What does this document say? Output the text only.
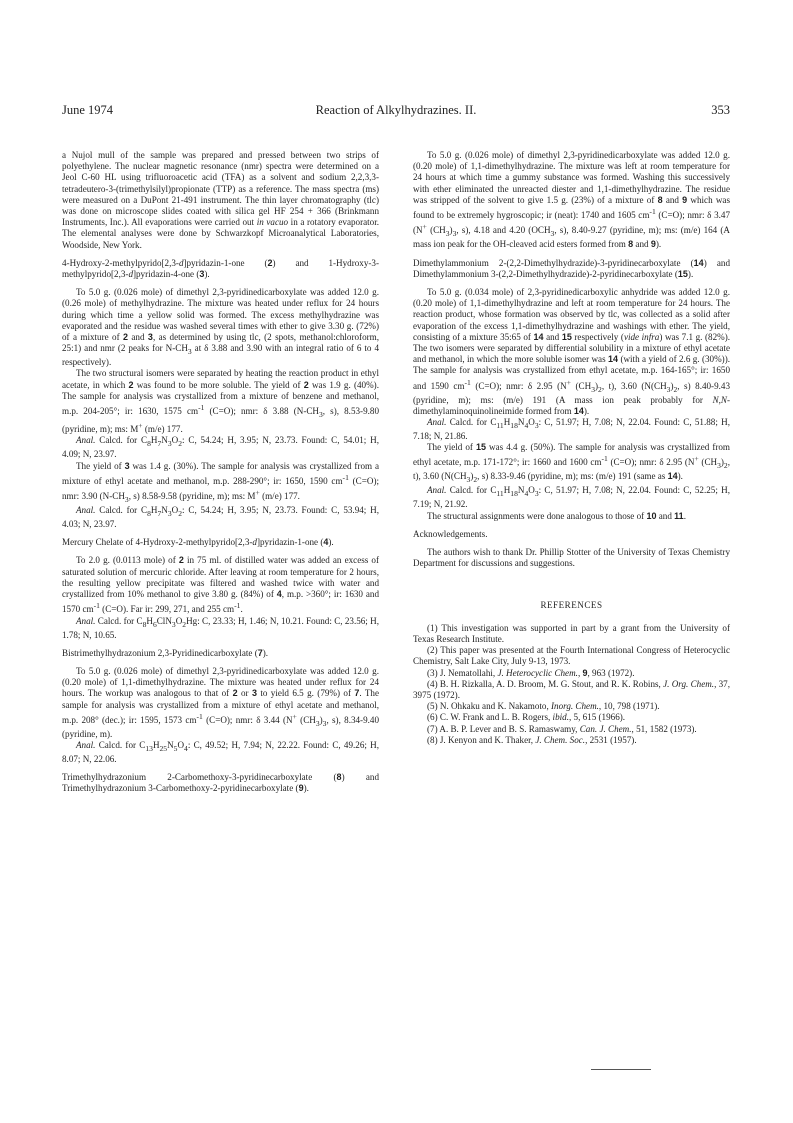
June 1974	Reaction of Alkylhydrazines. II.	353

a Nujol mull of the sample was prepared and pressed between two strips of polyethylene. The nuclear magnetic resonance (nmr) spectra were determined on a Jeol C-60 HL using trifluoroacetic acid (TFA) as a solvent and sodium 2,2,3,3-tetradeutero-3-(trimethylsilyl)propionate (TTP) as a reference. The mass spectra (ms) were measured on a DuPont 21-491 instrument. The thin layer chromatography (tlc) was done on microscope slides coated with silica gel HF 254 + 366 (Brinkmann Instruments, Inc.). All evaporations were carried out in vacuo in a rotatory evaporator. The elemental analyses were done by Schwarzkopf Microanalytical Laboratories, Woodside, New York.

4-Hydroxy-2-methylpyrido[2,3-d]pyridazin-1-one (2) and 1-Hydroxy-3-methylpyrido[2,3-d]pyridazin-4-one (3).

To 5.0 g. (0.026 mole) of dimethyl 2,3-pyridinedicarboxylate was added 12.0 g. (0.26 mole) of methylhydrazine. The mixture was heated under reflux for 24 hours during which time a yellow solid was formed. The excess methylhydrazine was evaporated and the residue was washed several times with ether to give 3.30 g. (72%) of a mixture of 2 and 3, as determined by using tlc, (2 spots, methanol:chloroform, 25:1) and nmr (2 peaks for $N-CH_3$ at δ 3.88 and 3.90 with an integral ratio of 6 to 4 respectively).

The two structural isomers were separated by heating the reaction product in ethyl acetate, in which 2 was found to be more soluble. The yield of 2 was 1.9 g. (40%). The sample for analysis was crystallized from a mixture of benzene and methanol, m.p. 204-205°; ir: 1630, 1575 $cm^{-1}$ (C=O); nmr: δ 3.88 ($N-CH_3$, s), 8.53-9.80 (pyridine, m); ms: M+ (m/e) 177.

Anal. Calcd. for $C_8H_7N_3O_2$: C, 54.24; H, 3.95; N, 23.73. Found: C, 54.01; H, 4.09; N, 23.97.

The yield of 3 was 1.4 g. (30%). The sample for analysis was crystallized from a mixture of ethyl acetate and methanol, m.p. 288-290°; ir: 1650, 1590 $cm^{-1}$ (C=O); nmr: 3.90 ($N-CH_3$, s) 8.58-9.58 (pyridine, m); ms: M+ (m/e) 177.

Anal. Calcd. for $C_8H_7N_3O_2$: C, 54.24; H, 3.95; N, 23.73. Found: C, 53.94; H, 4.03; N, 23.97.

Mercury Chelate of 4-Hydroxy-2-methylpyrido[2,3-d]pyridazin-1-one (4).

To 2.0 g. (0.0113 mole) of 2 in 75 ml. of distilled water was added an excess of saturated solution of mercuric chloride. After leaving at room temperature for 2 hours, the resulting yellow precipitate was filtered and washed twice with water and crystallized from 10% methanol to give 3.80 g. (84%) of 4, m.p. >360°; ir: 1630 and 1570 $cm^{-1}$ (C=O). Far ir: 299, 271, and 255 $cm^{-1}$.

Anal. Calcd. for $C_8H_6ClN_3O_2Hg$: C, 23.33; H, 1.46; N, 10.21. Found: C, 23.56; H, 1.78; N, 10.65.

Bistrimethylhydrazonium 2,3-Pyridinedicarboxylate (7).

To 5.0 g. (0.026 mole) of dimethyl 2,3-pyridinedicarboxylate was added 12.0 g. (0.20 mole) of 1,1-dimethylhydrazine. The mixture was heated under reflux for 24 hours. The workup was analogous to that of 2 or 3 to yield 6.5 g. (79%) of 7. The sample for analysis was crystallized from a mixture of ethyl acetate and methanol, m.p. 208° (dec.); ir: 1595, 1573 $cm^{-1}$ (C=O); nmr: δ 3.44 (N+ $(CH_3)_3$, s), 8.34-9.40 (pyridine, m).

Anal. Calcd. for $C_{13}H_{25}N_5O_4$: C, 49.52; H, 7.94; N, 22.22. Found: C, 49.26; H, 8.07; N, 22.06.

Trimethylhydrazonium 2-Carbomethoxy-3-pyridinecarboxylate (8) and Trimethylhydrazonium 3-Carbomethoxy-2-pyridinecarboxylate (9).

To 5.0 g. (0.026 mole) of dimethyl 2,3-pyridinedicarboxylate was added 12.0 g. (0.20 mole) of 1,1-dimethylhydrazine. The mixture was left at room temperature for 24 hours at which time a gummy substance was formed. Washing this successively with ether eliminated the unreacted diester and 1,1-dimethylhydrazine. The residue was stripped of the solvent to give 1.5 g. (23%) of a mixture of 8 and 9 which was found to be extremely hygroscopic; ir (neat): 1740 and 1605 $cm^{-1}$ (C=O); nmr: δ 3.47 (N+ $(CH_3)_3$, s), 4.18 and 4.20 ($OCH_3$, s), 8.40-9.27 (pyridine, m); ms: (m/e) 164 (A mass ion peak for the OH-cleaved acid esters formed from 8 and 9).

Dimethylammonium 2-(2,2-Dimethylhydrazide)-3-pyridinecarboxylate (14) and Dimethylammonium 3-(2,2-Dimethylhydrazide)-2-pyridinecarboxylate (15).

To 5.0 g. (0.034 mole) of 2,3-pyridinedicarboxylic anhydride was added 12.0 g. (0.20 mole) of 1,1-dimethylhydrazine and left at room temperature for 24 hours. The reaction product, whose formation was observed by tlc, was collected as a solid after evaporation of the excess 1,1-dimethylhydrazine and washings with ether. The yield, consisting of a mixture 35:65 of 14 and 15 respectively (vide infra) was 7.1 g. (82%). The two isomers were separated by differential solubility in a mixture of ethyl acetate and methanol, in which the more soluble isomer was 14 (with a yield of 2.6 g. (30%)). The sample for analysis was crystallized from ethyl acetate, m.p. 164-165°; ir: 1650 and 1590 $cm^{-1}$ (C=O); nmr: δ 2.95 (N+ $(CH_3)_2$, t), 3.60 ($N(CH_3)_2$, s) 8.40-9.43 (pyridine, m); ms: (m/e) 191 (A mass ion peak probably for N,N-dimethylaminoquinolineimide formed from 14).

Anal. Calcd. for $C_{11}H_{18}N_4O_3$: C, 51.97; H, 7.08; N, 22.04. Found: C, 51.88; H, 7.18; N, 21.86.

The yield of 15 was 4.4 g. (50%). The sample for analysis was crystallized from ethyl acetate, m.p. 171-172°; ir: 1660 and 1600 $cm^{-1}$ (C=O); nmr: δ 2.95 (N+ $(CH_3)_2$, t), 3.60 ($N(CH_3)_2$, s) 8.33-9.46 (pyridine, m); ms: (m/e) 191 (same as 14).

Anal. Calcd. for $C_{11}H_{18}N_4O_3$: C, 51.97; H, 7.08; N, 22.04. Found: C, 52.25; H, 7.19; N, 21.92.

The structural assignments were done analogous to those of 10 and 11.

Acknowledgements.

The authors wish to thank Dr. Phillip Stotter of the University of Texas Chemistry Department for discussions and suggestions.

REFERENCES

(1) This investigation was supported in part by a grant from the University of Texas Research Institute.

(2) This paper was presented at the Fourth International Congress of Heterocyclic Chemistry, Salt Lake City, July 9-13, 1973.

(3) J. Nematollahi, J. Heterocyclic Chem., 9, 963 (1972).

(4) B. H. Rizkalla, A. D. Broom, M. G. Stout, and R. K. Robins, J. Org. Chem., 37, 3975 (1972).

(5) N. Ohkaku and K. Nakamoto, Inorg. Chem., 10, 798 (1971).

(6) C. W. Frank and L. B. Rogers, ibid., 5, 615 (1966).

(7) A. B. P. Lever and B. S. Ramaswamy, Can. J. Chem., 51, 1582 (1973).

(8) J. Kenyon and K. Thaker, J. Chem. Soc., 2531 (1957).
